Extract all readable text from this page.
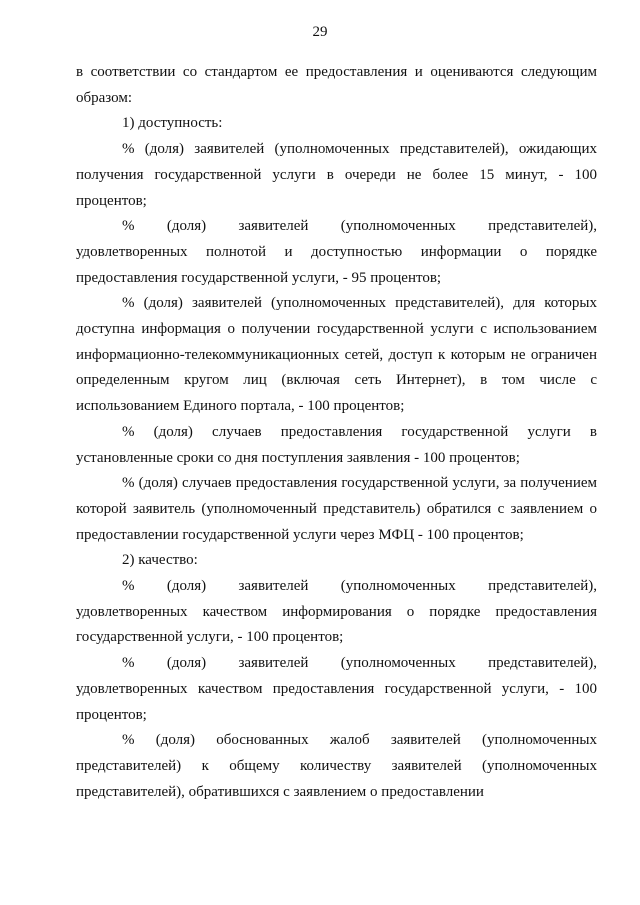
29

в соответствии со стандартом ее предоставления и оцениваются следующим образом:

1) доступность:

% (доля) заявителей (уполномоченных представителей), ожидающих получения государственной услуги в очереди не более 15 минут, - 100 процентов;

% (доля) заявителей (уполномоченных представителей), удовлетворенных полнотой и доступностью информации о порядке предоставления государственной услуги, - 95 процентов;

% (доля) заявителей (уполномоченных представителей), для которых доступна информация о получении государственной услуги с использованием информационно-телекоммуникационных сетей, доступ к которым не ограничен определенным кругом лиц (включая сеть Интернет), в том числе с использованием Единого портала, - 100 процентов;

% (доля) случаев предоставления государственной услуги в установленные сроки со дня поступления заявления - 100 процентов;

% (доля) случаев предоставления государственной услуги, за получением которой заявитель (уполномоченный представитель) обратился с заявлением о предоставлении государственной услуги через МФЦ - 100 процентов;

2) качество:

% (доля) заявителей (уполномоченных представителей), удовлетворенных качеством информирования о порядке предоставления государственной услуги, - 100 процентов;

% (доля) заявителей (уполномоченных представителей), удовлетворенных качеством предоставления государственной услуги, - 100 процентов;

% (доля) обоснованных жалоб заявителей (уполномоченных представителей) к общему количеству заявителей (уполномоченных представителей), обратившихся с заявлением о предоставлении
